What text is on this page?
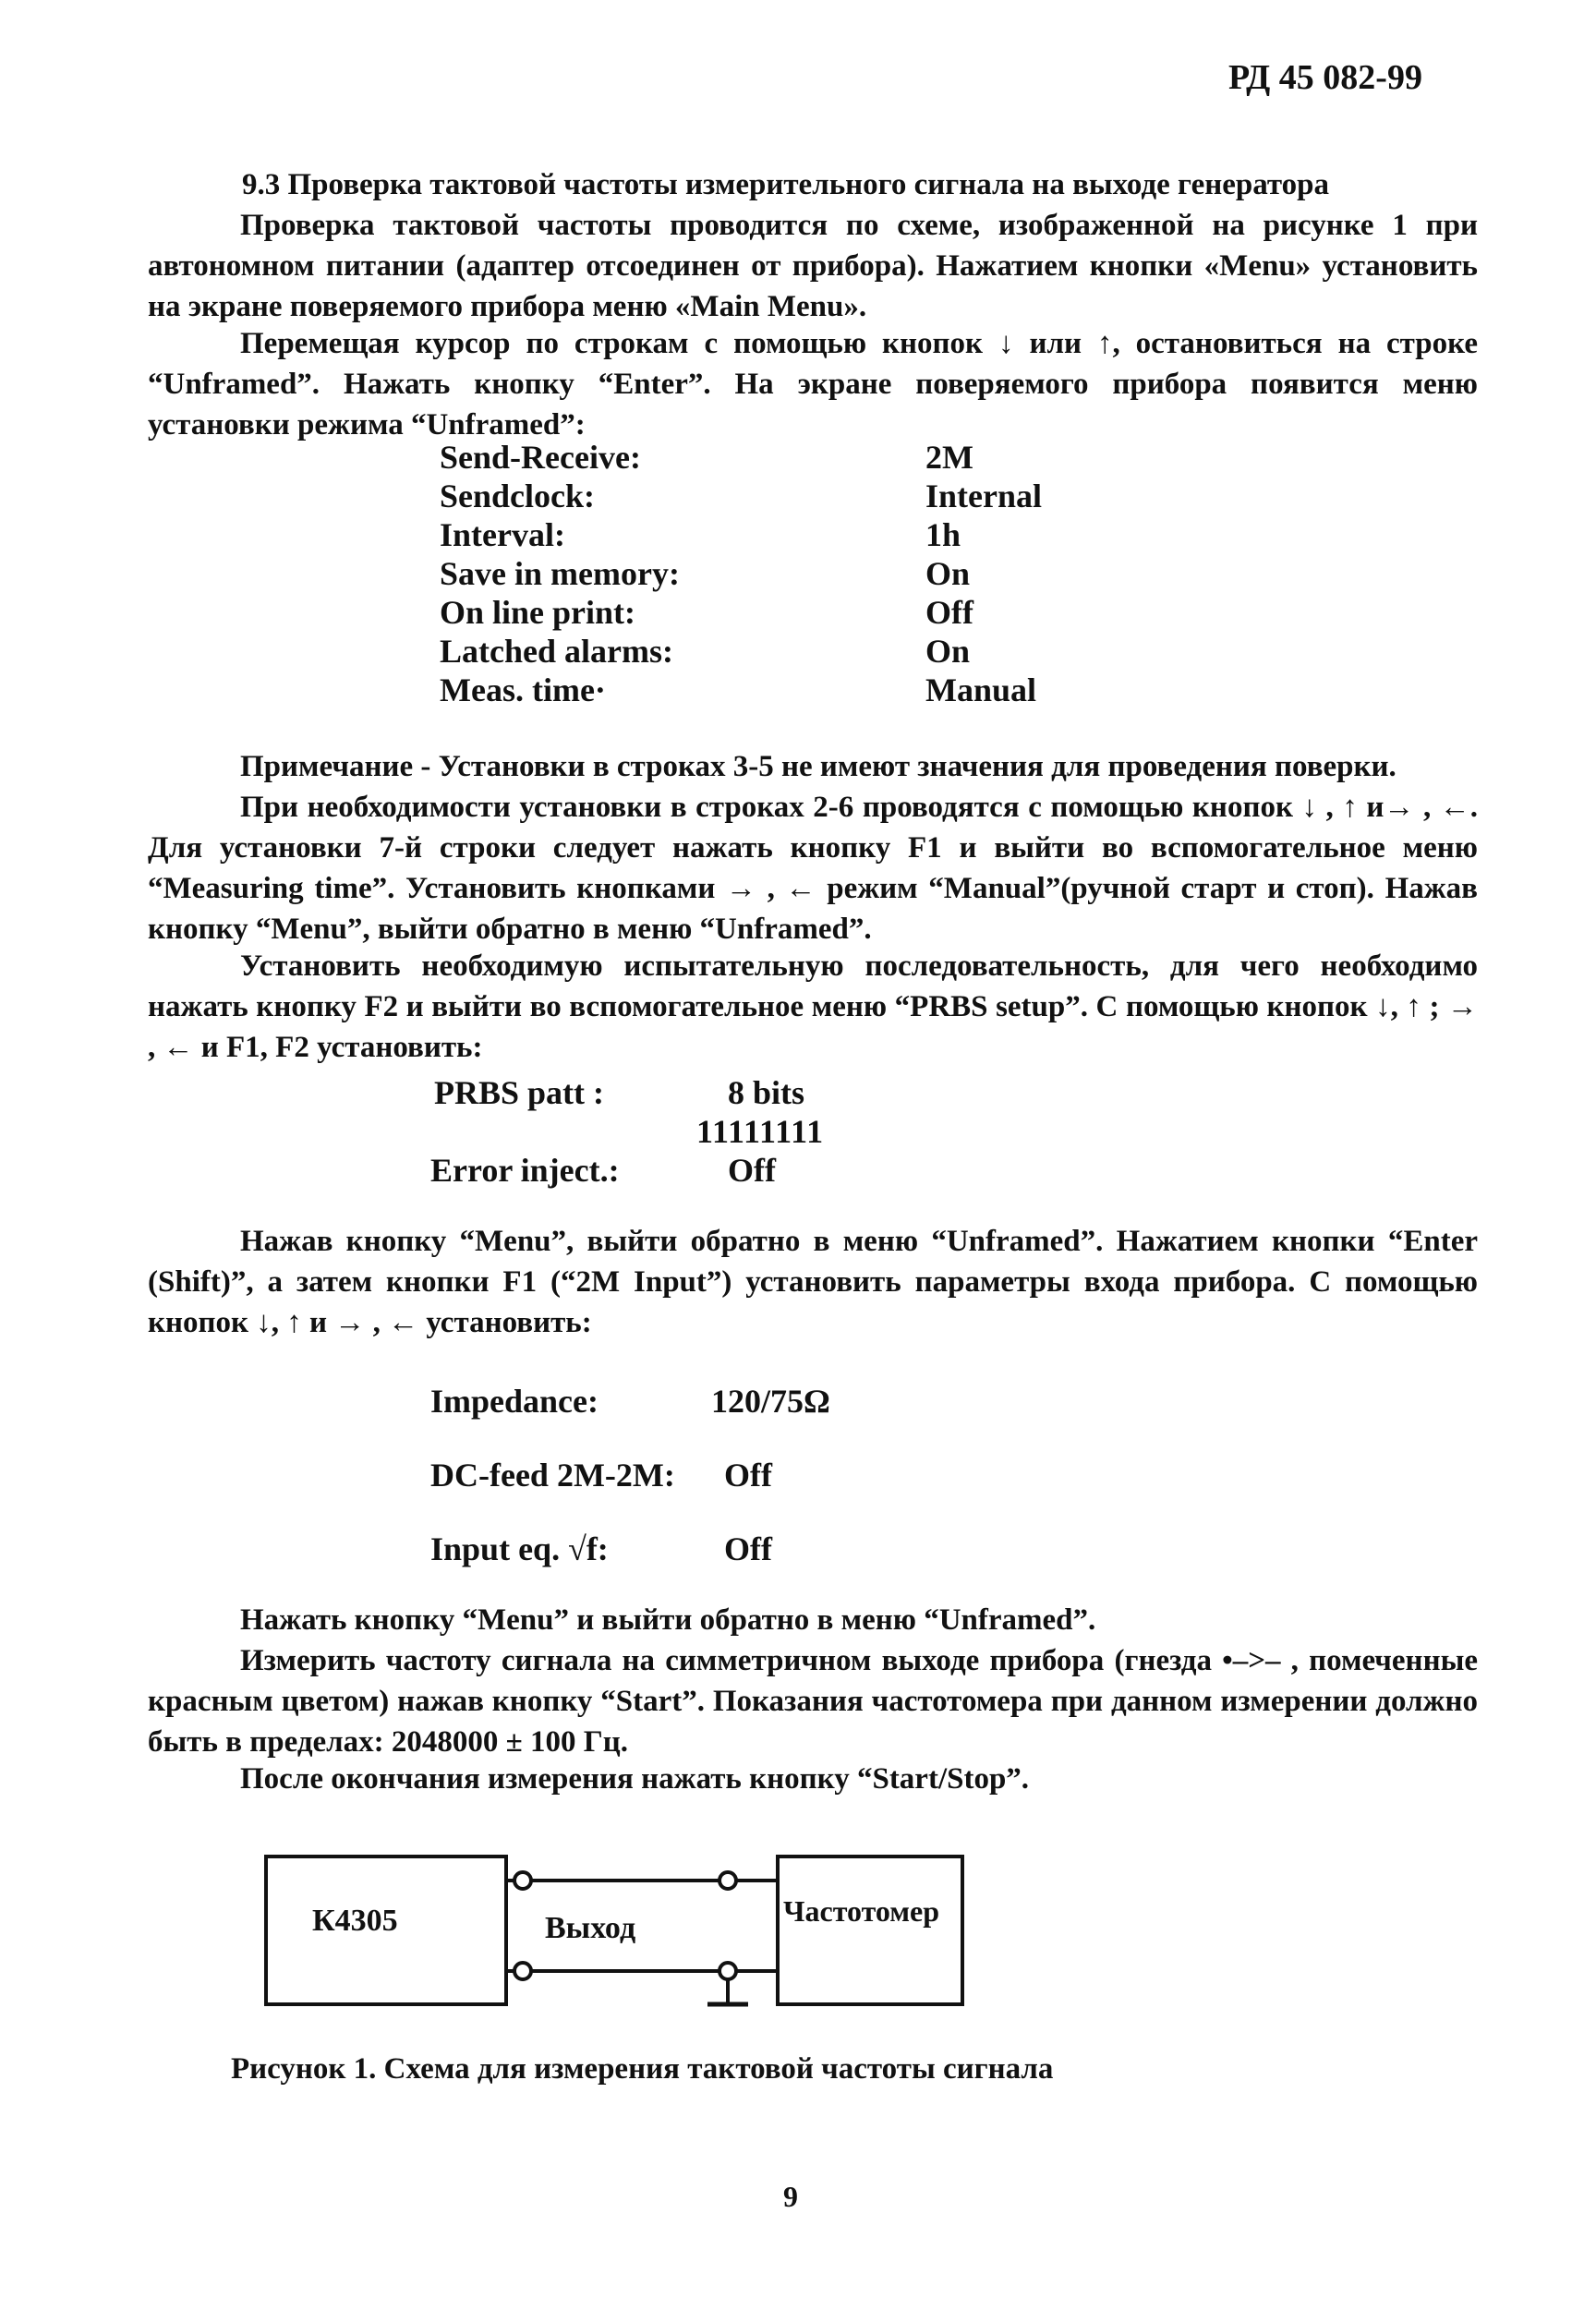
РД 45 082-99
9.3 Проверка тактовой частоты измерительного сигнала на выходе генератора

Проверка тактовой частоты проводится по схеме, изображенной на рисунке 1 при автономном питании (адаптер отсоединен от прибора). Нажатием кнопки «Menu» установить на экране поверяемого прибора меню «Main Menu».

Перемещая курсор по строкам с помощью кнопок ↓ или ↑, остановиться на строке “Unframed”. Нажать кнопку “Enter”. На экране поверяемого прибора появится меню установки режима “Unframed”:

Send-Receive:	2M
Sendclock:	Internal
Interval:	1h
Save in memory:	On
On line print:	Off
Latched alarms:	On
Meas. time·	Manual

Примечание - Установки в строках 3-5 не имеют значения для проведения поверки.

При необходимости установки в строках 2-6 проводятся с помощью кнопок ↓ , ↑ и→ , ←. Для установки 7-й строки следует нажать кнопку F1 и выйти во вспомогательное меню “Measuring time”. Установить кнопками → , ← режим “Manual”(ручной старт и стоп). Нажав кнопку “Menu”, выйти обратно в меню “Unframed”.

Установить необходимую испытательную последовательность, для чего необходимо нажать кнопку F2 и выйти во вспомогательное меню “PRBS setup”. С помощью кнопок ↓, ↑ ; → , ← и F1, F2 установить:

PRBS patt :	8 bits
11111111
Error inject.:	Off

Нажав кнопку “Menu”, выйти обратно в меню “Unframed”. Нажатием кнопки “Enter (Shift)”, а затем кнопки F1 (“2M Input”) установить параметры входа прибора. С помощью кнопок ↓, ↑ и → , ← установить:

Impedance:	120/75Ω
DC-feed 2M-2M: Off
Input eq. √f:	Off

Нажать кнопку “Menu” и выйти обратно в меню “Unframed”.

Измерить частоту сигнала на симметричном выходе прибора (гнезда •–>– , помеченные красным цветом) нажав кнопку “Start”. Показания частотомера при данном измерении должно быть в пределах: 2048000 ± 100 Гц.

После окончания измерения нажать кнопку “Start/Stop”.

К4305	Выход	Частотомер
Рисунок 1. Схема для измерения тактовой частоты сигнала
9
